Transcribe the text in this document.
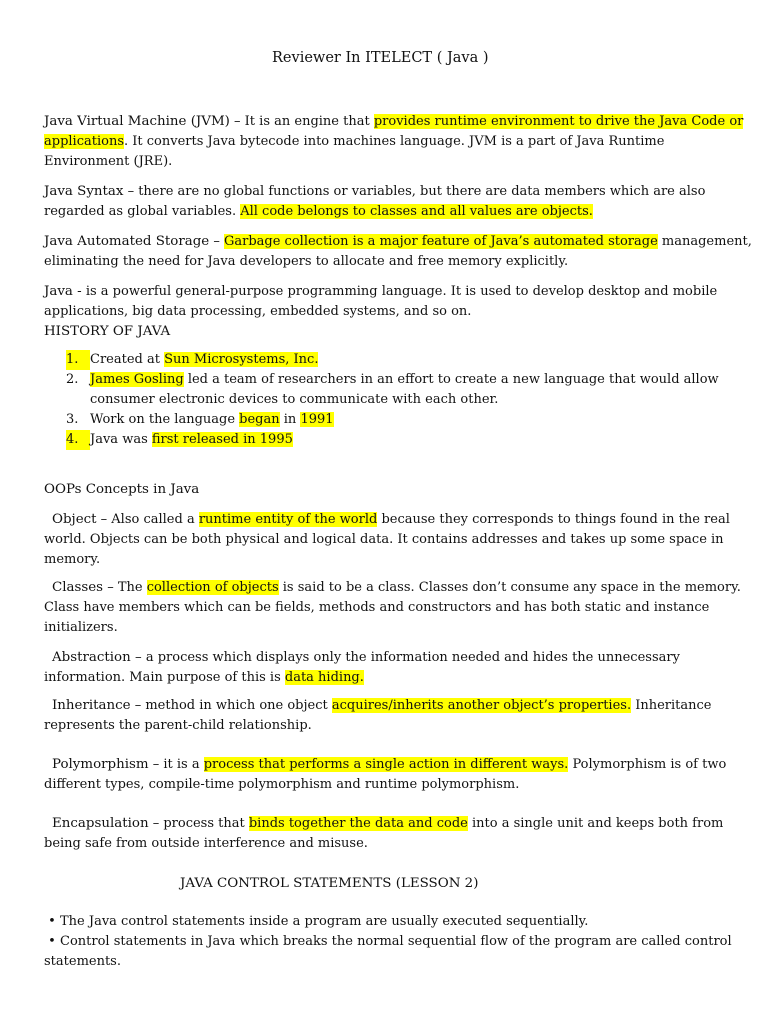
Reviewer In ITELECT ( Java )
Java Virtual Machine (JVM) – It is an engine that provides runtime environment to drive the Java Code or
applications. It converts Java bytecode into machines language. JVM is a part of Java Runtime
Environment (JRE).
Java Syntax – there are no global functions or variables, but there are data members which are also
regarded as global variables. All code belongs to classes and all values are objects.
Java Automated Storage – Garbage collection is a major feature of Java’s automated storage management,
eliminating the need for Java developers to allocate and free memory explicitly.
Java - is a powerful general-purpose programming language. It is used to develop desktop and mobile
applications, big data processing, embedded systems, and so on.
HISTORY OF JAVA
1. Created at Sun Microsystems, Inc.
2. James Gosling led a team of researchers in an effort to create a new language that would allow
consumer electronic devices to communicate with each other.
3. Work on the language began in 1991
4. Java was first released in 1995
OOPs Concepts in Java
Object – Also called a runtime entity of the world because they corresponds to things found in the real
world. Objects can be both physical and logical data. It contains addresses and takes up some space in
memory.
Classes – The collection of objects is said to be a class. Classes don’t consume any space in the memory.
Class have members which can be fields, methods and constructors and has both static and instance
initializers.
Abstraction – a process which displays only the information needed and hides the unnecessary
information. Main purpose of this is data hiding.
Inheritance – method in which one object acquires/inherits another object’s properties. Inheritance
represents the parent-child relationship.
Polymorphism – it is a process that performs a single action in different ways. Polymorphism is of two
different types, compile-time polymorphism and runtime polymorphism.
Encapsulation – process that binds together the data and code into a single unit and keeps both from
being safe from outside interference and misuse.
JAVA CONTROL STATEMENTS (LESSON 2)
• The Java control statements inside a program are usually executed sequentially.
• Control statements in Java which breaks the normal sequential flow of the program are called control
statements.
